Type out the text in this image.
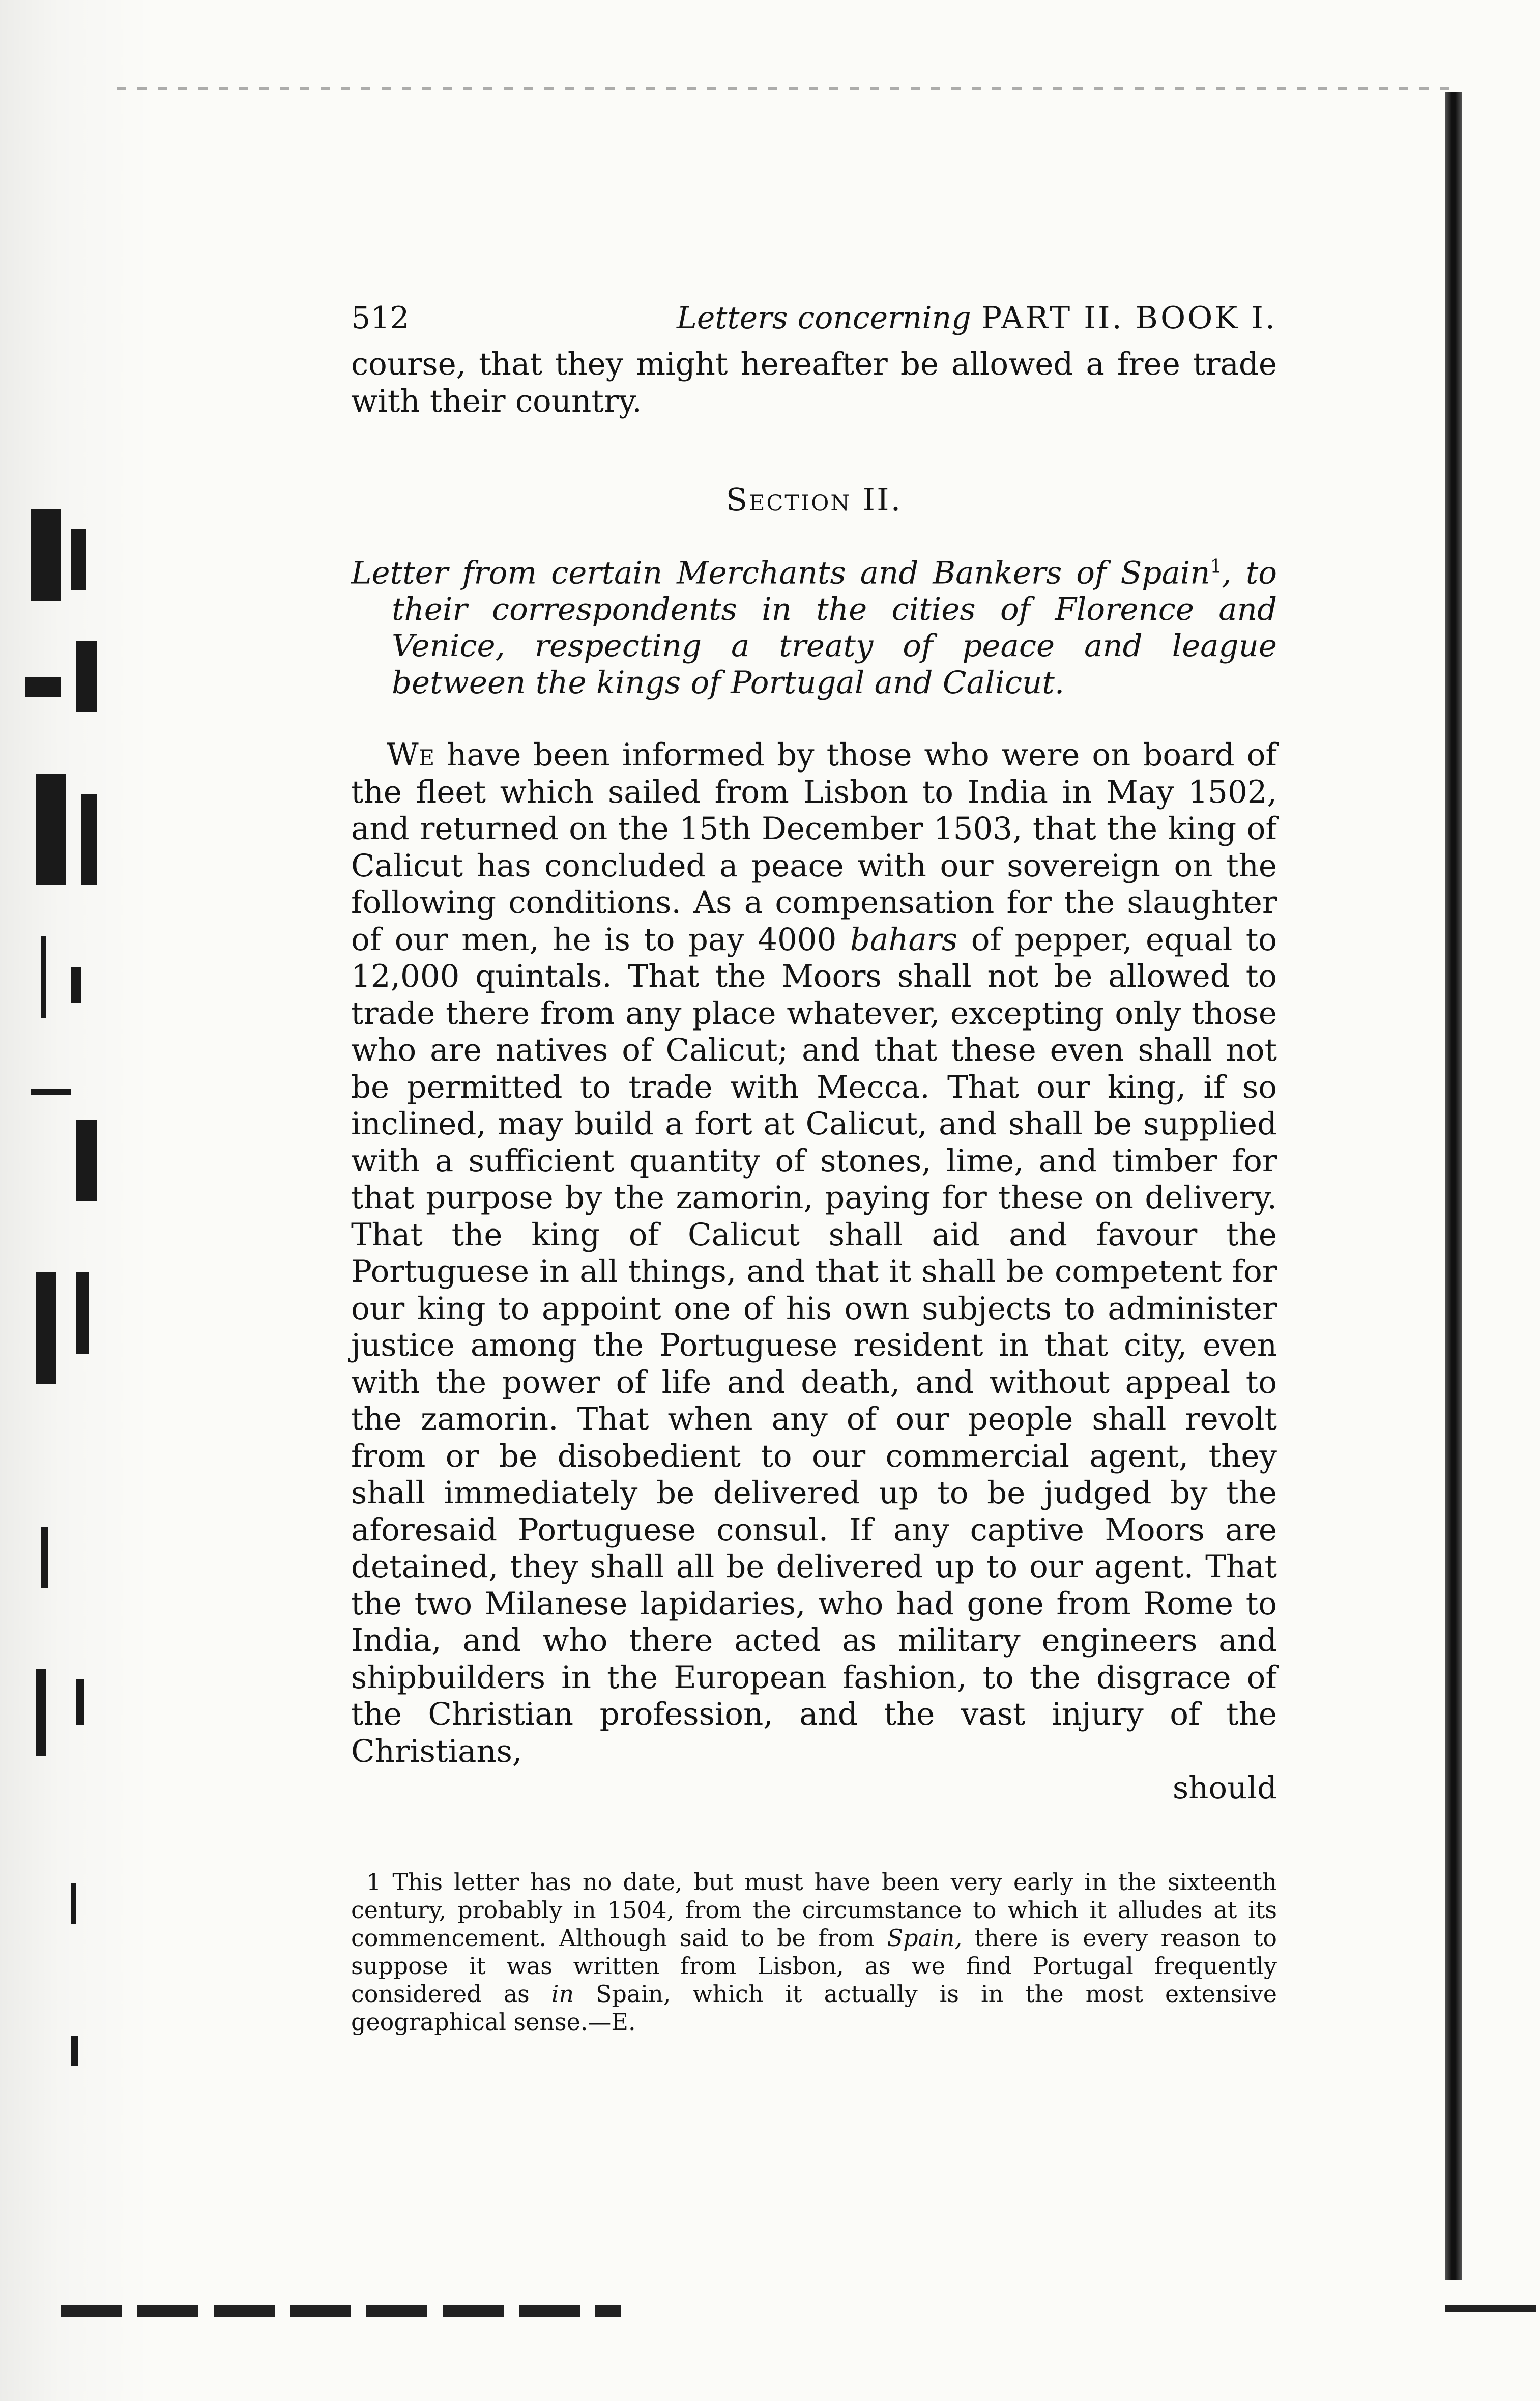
512	Letters concerning PART II. BOOK I.

course, that they might hereafter be allowed a free trade with their country.

Section II.

Letter from certain Merchants and Bankers of Spain$^1$, to their correspondents in the cities of Florence and Venice, respecting a treaty of peace and league between the kings of Portugal and Calicut.

We have been informed by those who were on board of the fleet which sailed from Lisbon to India in May 1502, and returned on the 15th December 1503, that the king of Calicut has concluded a peace with our sovereign on the following conditions. As a compensation for the slaughter of our men, he is to pay 4000 bahars of pepper, equal to 12,000 quintals. That the Moors shall not be allowed to trade there from any place whatever, excepting only those who are natives of Calicut; and that these even shall not be permitted to trade with Mecca. That our king, if so inclined, may build a fort at Calicut, and shall be supplied with a sufficient quantity of stones, lime, and timber for that purpose by the zamorin, paying for these on delivery. That the king of Calicut shall aid and favour the Portuguese in all things, and that it shall be competent for our king to appoint one of his own subjects to administer justice among the Portuguese resident in that city, even with the power of life and death, and without appeal to the zamorin. That when any of our people shall revolt from or be disobedient to our commercial agent, they shall immediately be delivered up to be judged by the aforesaid Portuguese consul. If any captive Moors are detained, they shall all be delivered up to our agent. That the two Milanese lapidaries, who had gone from Rome to India, and who there acted as military engineers and shipbuilders in the European fashion, to the disgrace of the Christian profession, and the vast injury of the Christians,

should

1 This letter has no date, but must have been very early in the sixteenth century, probably in 1504, from the circumstance to which it alludes at its commencement. Although said to be from Spain, there is every reason to suppose it was written from Lisbon, as we find Portugal frequently considered as in Spain, which it actually is in the most extensive geographical sense.—E.
